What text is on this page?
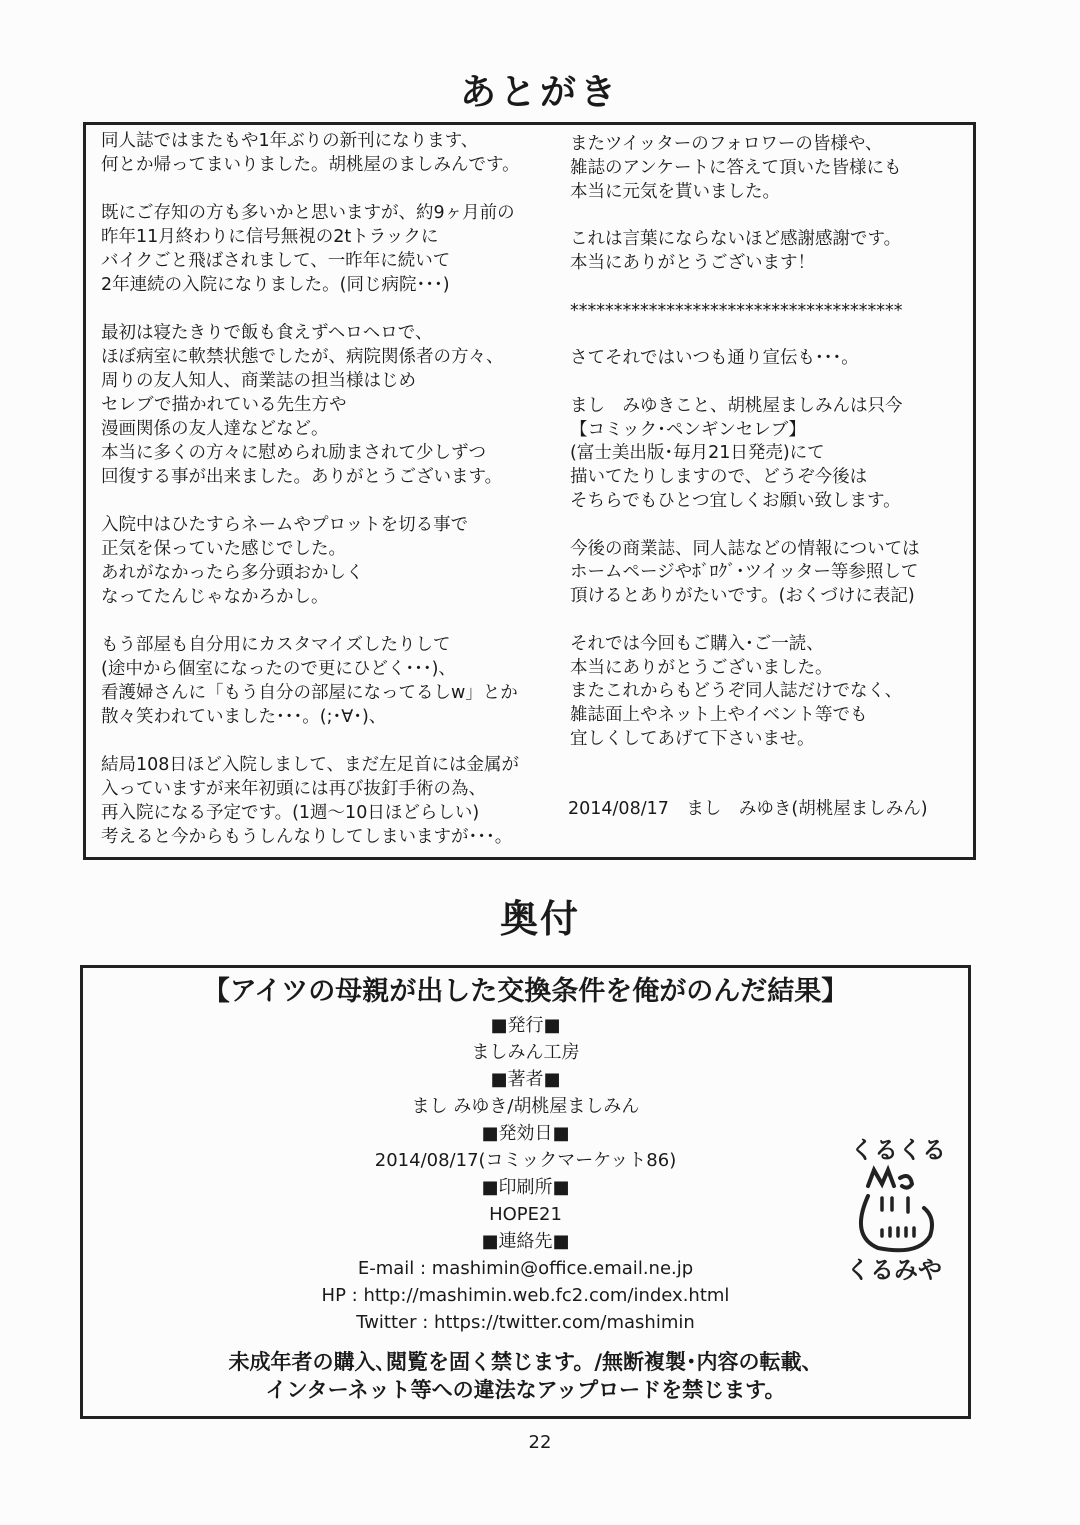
あとがき
同人誌ではまたもや1年ぶりの新刊になります、
何とか帰ってまいりました。胡桃屋のましみんです。
既にご存知の方も多いかと思いますが、約9ヶ月前の
昨年11月終わりに信号無視の2tトラックに
バイクごと飛ばされまして、一昨年に続いて
2年連続の入院になりました。(同じ病院･･･)
最初は寝たきりで飯も食えずヘロヘロで、
ほぼ病室に軟禁状態でしたが、病院関係者の方々、
周りの友人知人、商業誌の担当様はじめ
セレブで描かれている先生方や
漫画関係の友人達などなど。
本当に多くの方々に慰められ励まされて少しずつ
回復する事が出来ました。ありがとうございます。
入院中はひたすらネームやプロットを切る事で
正気を保っていた感じでした。
あれがなかったら多分頭おかしく
なってたんじゃなかろかし。
もう部屋も自分用にカスタマイズしたりして
(途中から個室になったので更にひどく･･･)、
看護婦さんに「もう自分の部屋になってるしw」とか
散々笑われていました･･･。(;･∀･)、
結局108日ほど入院しまして、まだ左足首には金属が
入っていますが来年初頭には再び抜釘手術の為、
再入院になる予定です。(1週～10日ほどらしい)
考えると今からもうしんなりしてしまいますが･･･。
またツイッターのフォロワーの皆様や、
雑誌のアンケートに答えて頂いた皆様にも
本当に元気を貰いました。
これは言葉にならないほど感謝感謝です。
本当にありがとうございます！
**************************************
さてそれではいつも通り宣伝も･･･。
まし　みゆきこと、胡桃屋ましみんは只今
【コミック･ペンギンセレブ】
(富士美出版･毎月21日発売)にて
描いてたりしますので、どうぞ今後は
そちらでもひとつ宜しくお願い致します。
今後の商業誌、同人誌などの情報については
ホームページやﾎﾞﾛｸﾞ･ツイッター等参照して
頂けるとありがたいです。(おくづけに表記)
それでは今回もご購入･ご一読、
本当にありがとうございました。
またこれからもどうぞ同人誌だけでなく、
雑誌面上やネット上やイベント等でも
宜しくしてあげて下さいませ。
2014/08/17　まし　みゆき(胡桃屋ましみん)
奥付
【アイツの母親が出した交換条件を俺がのんだ結果】
■発行■
ましみん工房
■著者■
まし みゆき/胡桃屋ましみん
■発効日■
2014/08/17(コミックマーケット86)
■印刷所■
HOPE21
■連絡先■
E-mail : mashimin@office.email.ne.jp
HP : http://mashimin.web.fc2.com/index.html
Twitter : https://twitter.com/mashimin
未成年者の購入､閲覧を固く禁じます。/無断複製･内容の転載、
インターネット等への違法なアップロードを禁じます。
くるくる
くるみや
22
